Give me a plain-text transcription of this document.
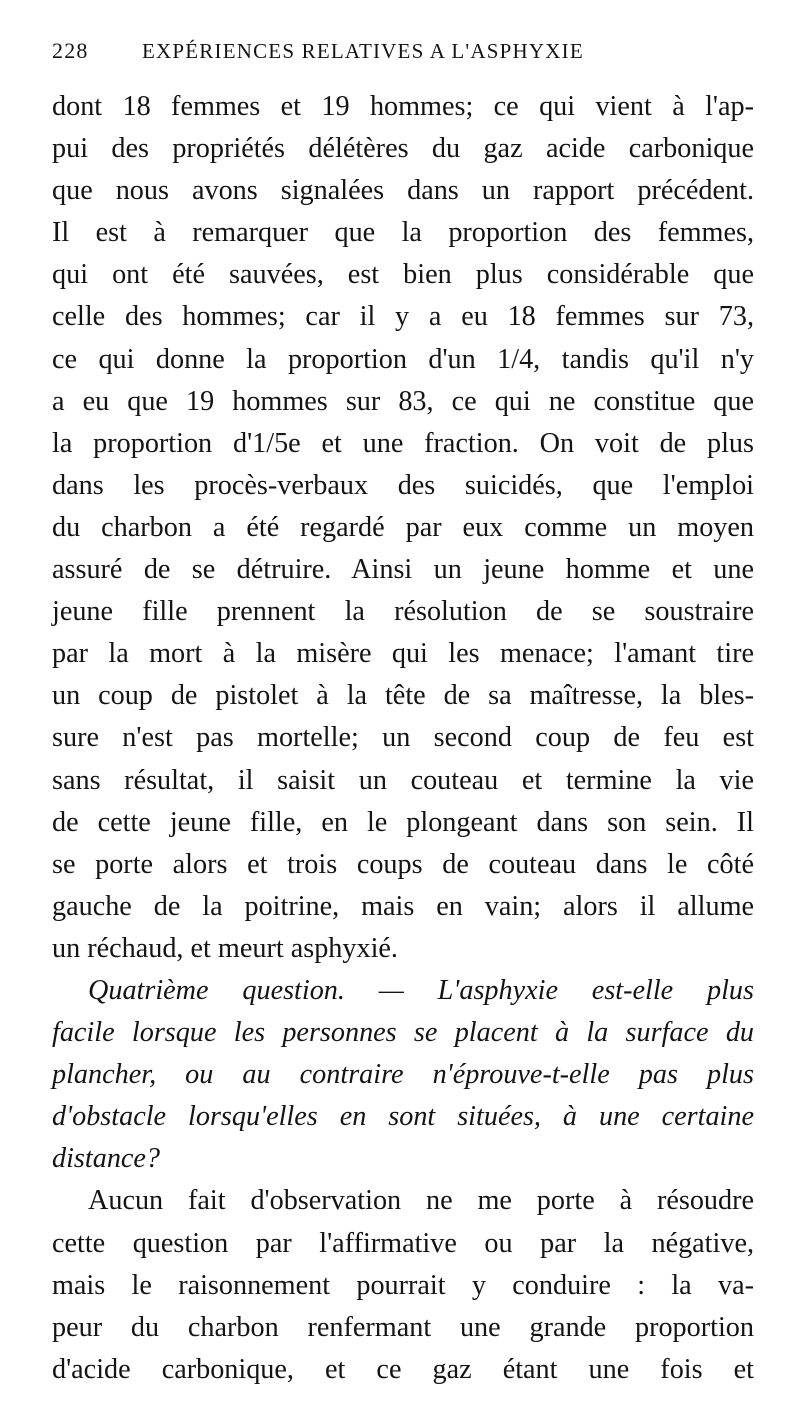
228	EXPÉRIENCES RELATIVES A L'ASPHYXIE
dont 18 femmes et 19 hommes; ce qui vient à l'ap-
pui des propriétés délétères du gaz acide carbonique
que nous avons signalées dans un rapport précédent.
Il est à remarquer que la proportion des femmes,
qui ont été sauvées, est bien plus considérable que
celle des hommes; car il y a eu 18 femmes sur 73,
ce qui donne la proportion d'un 1/4, tandis qu'il n'y
a eu que 19 hommes sur 83, ce qui ne constitue que
la proportion d'1/5e et une fraction. On voit de plus
dans les procès-verbaux des suicidés, que l'emploi
du charbon a été regardé par eux comme un moyen
assuré de se détruire. Ainsi un jeune homme et une
jeune fille prennent la résolution de se soustraire
par la mort à la misère qui les menace; l'amant tire
un coup de pistolet à la tête de sa maîtresse, la bles-
sure n'est pas mortelle; un second coup de feu est
sans résultat, il saisit un couteau et termine la vie
de cette jeune fille, en le plongeant dans son sein. Il
se porte alors et trois coups de couteau dans le côté
gauche de la poitrine, mais en vain; alors il allume
un réchaud, et meurt asphyxié.
Quatrième question. — L'asphyxie est-elle plus
facile lorsque les personnes se placent à la surface du
plancher, ou au contraire n'éprouve-t-elle pas plus
d'obstacle lorsqu'elles en sont situées, à une certaine
distance?
Aucun fait d'observation ne me porte à résoudre
cette question par l'affirmative ou par la négative,
mais le raisonnement pourrait y conduire : la va-
peur du charbon renfermant une grande proportion
d'acide carbonique, et ce gaz étant une fois et
